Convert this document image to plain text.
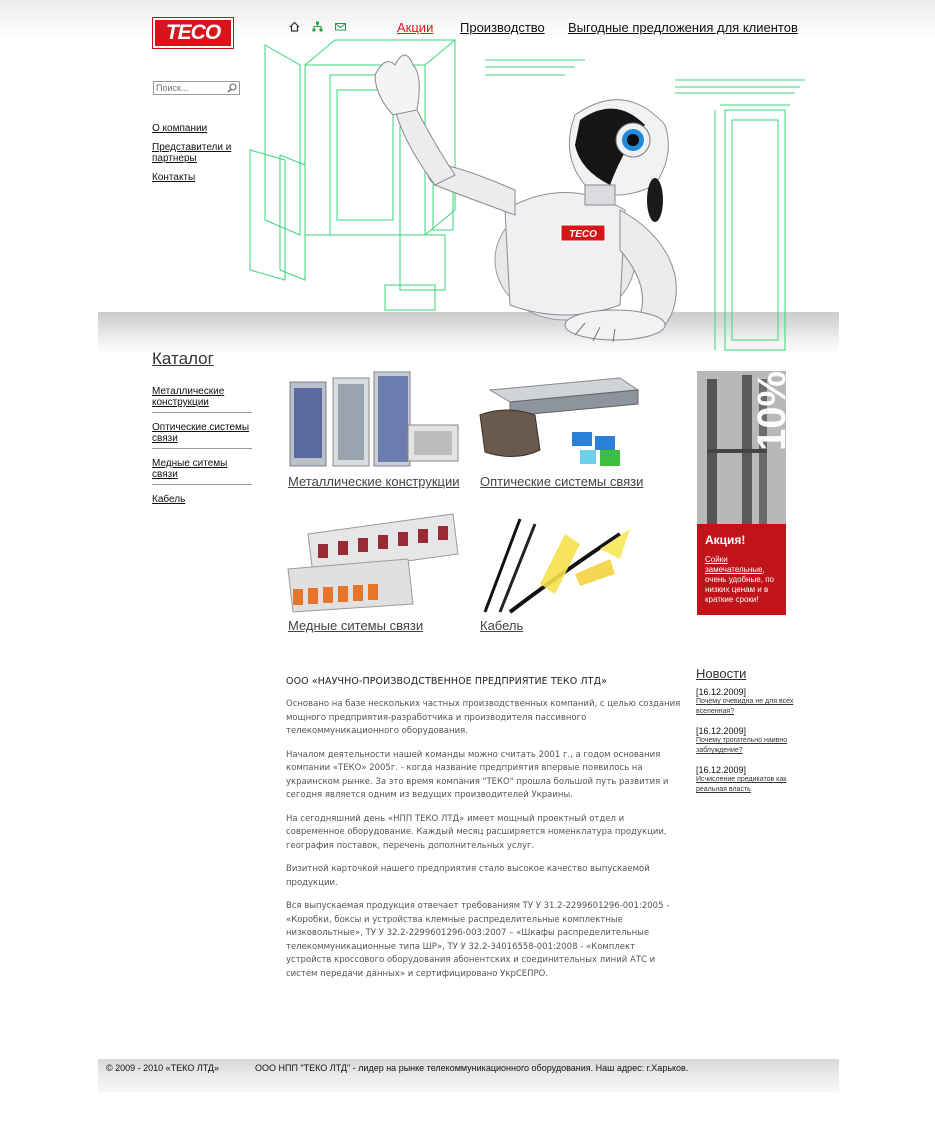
TECO	Акции Производство Выгодные предложения для клиентов
Поиск...
О компании
Представители и партнеры
Контакты
TECO
Каталог
Металлические конструкции
Оптические системы связи
Медные ситемы связи
Кабель
Металлические конструкции	Оптические системы связи
Медные ситемы связи	Кабель
10%
Акция!
Сойки замечательные, очень удобные, по низких ценам и в краткие сроки!
Новости
[16.12.2009]
Почему очевидна не для всех вселенная?
[16.12.2009]
Почему трогательно наивно заблуждение?
[16.12.2009]
Исчисление предикатов как реальная власть
ООО «НАУЧНО-ПРОИЗВОДСТВЕННОЕ ПРЕДПРИЯТИЕ ТЕКО ЛТД»

Основано на базе нескольких частных производственных компаний, с целью создания мощного предприятия-разработчика и производителя пассивного телекоммуникационного оборудования.

Началом деятельности нашей команды можно считать 2001 г., а годом основания компании «ТЕКО» 2005г. - когда название предприятия впервые появилось на украинском рынке. За это время компания "ТЕКО" прошла большой путь развития и сегодня является одним из ведущих производителей Украины.

На сегодняшний день «НПП ТЕКО ЛТД» имеет мощный проектный отдел и современное оборудование. Каждый месяц расширяется номенклатура продукции, география поставок, перечень дополнительных услуг.

Визитной карточкой нашего предприятия стало высокое качество выпускаемой продукции.

Вся выпускаемая продукция отвечает требованиям ТУ У 31.2-2299601296-001:2005 - «Коробки, боксы и устройства клемные распределительные комплектные низковольтные», ТУ У 32.2-2299601296-003:2007 – «Шкафы распределительные телекоммуникационные типа ШР», ТУ У 32.2-34016558-001:2008 - «Комплект устройств кроссового оборудования абонентских и соединительных линий АТС и систем передачи данных» и сертифицировано УкрСЕПРО.

© 2009 - 2010 «ТЕКО ЛТД»	ООО НПП "ТЕКО ЛТД" - лидер на рынке телекоммуникационного оборудования. Наш адрес: г.Харьков.
